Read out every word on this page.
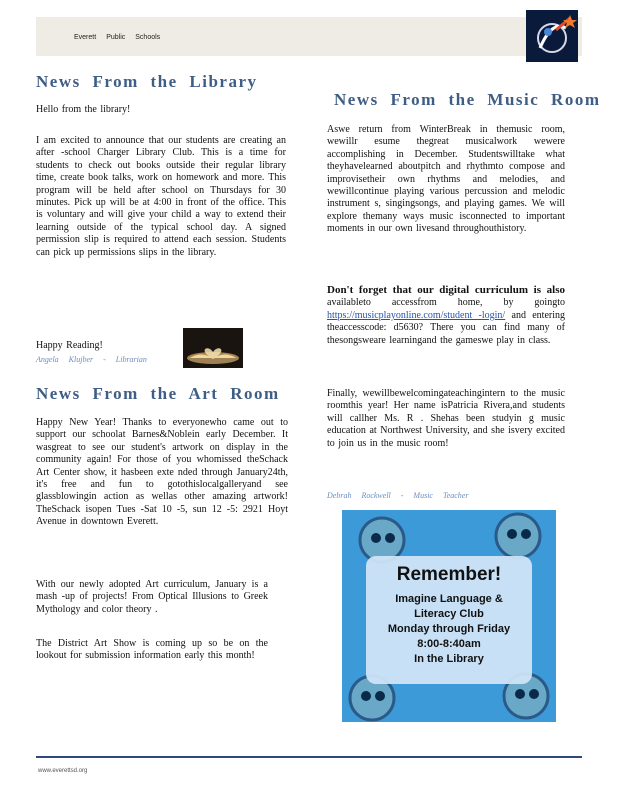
Everett Public Schools
News From the Library

Hello from the library!

I am excited to announce that our students are creating an after -school Charger Library Club. This is a time for students to check out books outside their regular library time, create book talks, work on homework and more. This program will be held after school on Thursdays for 30 minutes. Pick up will be at 4:00 in front of the office. This is voluntary and will give your child a way to extend their learning outside of the typical school day. A signed permission slip is required to attend each session. Students can pick up permissions slips in the library.

Happy Reading!

Angela Klujber - Librarian
News From the Art Room

Happy New Year! Thanks to everyonewho came out to support our schoolat Barnes&Noblein early December. It wasgreat to see our student's artwork on display in the community again! For those of you whomissed theSchack Art Center show, it hasbeen exte nded through January24th, it's free and fun to gotothislocalgalleryand see glassblowingin action as wellas other amazing artwork! TheSchack isopen Tues -Sat 10 -5, sun 12 -5: 2921 Hoyt Avenue in downtown Everett.

With our newly adopted Art curriculum, January is a mash -up of projects! From Optical Illusions to Greek Mythology and color theory .

The District Art Show is coming up so be on the lookout for submission information early this month!

News From the Music Room

Aswe return from WinterBreak in themusic room, wewillr esume thegreat musicalwork wewere accomplishing in December. Studentswilltake what theyhavelearned aboutpitch and rhythmto compose and improvisetheir own rhythms and melodies, and wewillcontinue playing various percussion and melodic instrument s, singingsongs, and playing games. We will explore themany ways music isconnected to important moments in our own livesand throughouthistory.

Don't forget that our digital curriculum is also availableto accessfrom home, by goingto https://musicplayonline.com/student -login/ and entering theaccesscode: d5630? There you can find many of thesongsweare learningand the gameswe play in class.

Finally, wewillbewelcomingateachingintern to the music roomthis year! Her name isPatricia Rivera,and students will callher Ms. R . Shehas been studyin g music education at Northwest University, and she isvery excited to join us in the music room!

Debrah Rockwell - Music Teacher
Remember!
Imagine Language &
Literacy Club
Monday through Friday
8:00-8:40am
In the Library
www.everettsd.org
